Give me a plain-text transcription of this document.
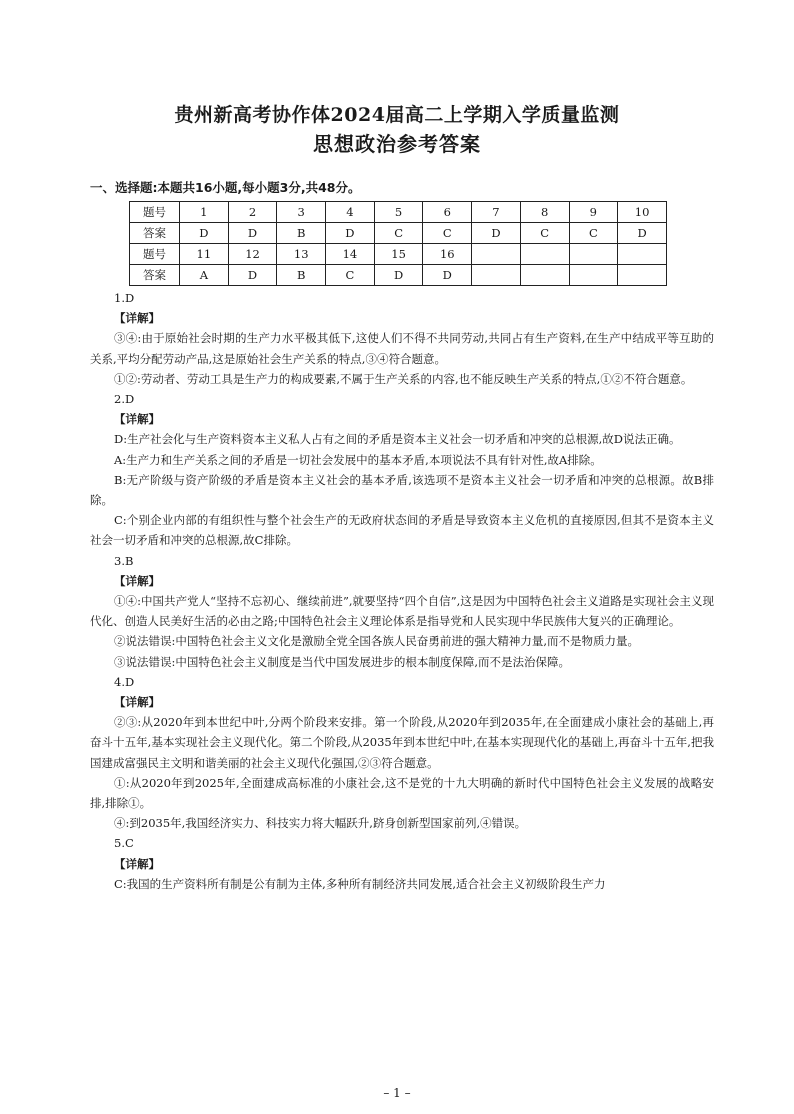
贵州新高考协作体2024届高二上学期入学质量监测
思想政治参考答案
一、选择题:本题共16小题,每小题3分,共48分。
题号	1	2	3	4	5	6	7	8	9	10
答案	D	D	B	D	C	C	D	C	C	D
题号	11	12	13	14	15	16				
答案	A	D	B	C	D	D				
1.D
【详解】
③④:由于原始社会时期的生产力水平极其低下,这使人们不得不共同劳动,共同占有生产资料,在生产中结成平等互助的关系,平均分配劳动产品,这是原始社会生产关系的特点,③④符合题意。
①②:劳动者、劳动工具是生产力的构成要素,不属于生产关系的内容,也不能反映生产关系的特点,①②不符合题意。
2.D
【详解】
D:生产社会化与生产资料资本主义私人占有之间的矛盾是资本主义社会一切矛盾和冲突的总根源,故D说法正确。
A:生产力和生产关系之间的矛盾是一切社会发展中的基本矛盾,本项说法不具有针对性,故A排除。
B:无产阶级与资产阶级的矛盾是资本主义社会的基本矛盾,该选项不是资本主义社会一切矛盾和冲突的总根源。故B排除。
C:个别企业内部的有组织性与整个社会生产的无政府状态间的矛盾是导致资本主义危机的直接原因,但其不是资本主义社会一切矛盾和冲突的总根源,故C排除。
3.B
【详解】
①④:中国共产党人“坚持不忘初心、继续前进”,就要坚持“四个自信”,这是因为中国特色社会主义道路是实现社会主义现代化、创造人民美好生活的必由之路;中国特色社会主义理论体系是指导党和人民实现中华民族伟大复兴的正确理论。
②说法错误:中国特色社会主义文化是激励全党全国各族人民奋勇前进的强大精神力量,而不是物质力量。
③说法错误:中国特色社会主义制度是当代中国发展进步的根本制度保障,而不是法治保障。
4.D
【详解】
②③:从2020年到本世纪中叶,分两个阶段来安排。第一个阶段,从2020年到2035年,在全面建成小康社会的基础上,再奋斗十五年,基本实现社会主义现代化。第二个阶段,从2035年到本世纪中叶,在基本实现现代化的基础上,再奋斗十五年,把我国建成富强民主文明和谐美丽的社会主义现代化强国,②③符合题意。
①:从2020年到2025年,全面建成高标准的小康社会,这不是党的十九大明确的新时代中国特色社会主义发展的战略安排,排除①。
④:到2035年,我国经济实力、科技实力将大幅跃升,跻身创新型国家前列,④错误。
5.C
【详解】
C:我国的生产资料所有制是公有制为主体,多种所有制经济共同发展,适合社会主义初级阶段生产力
– 1 –
